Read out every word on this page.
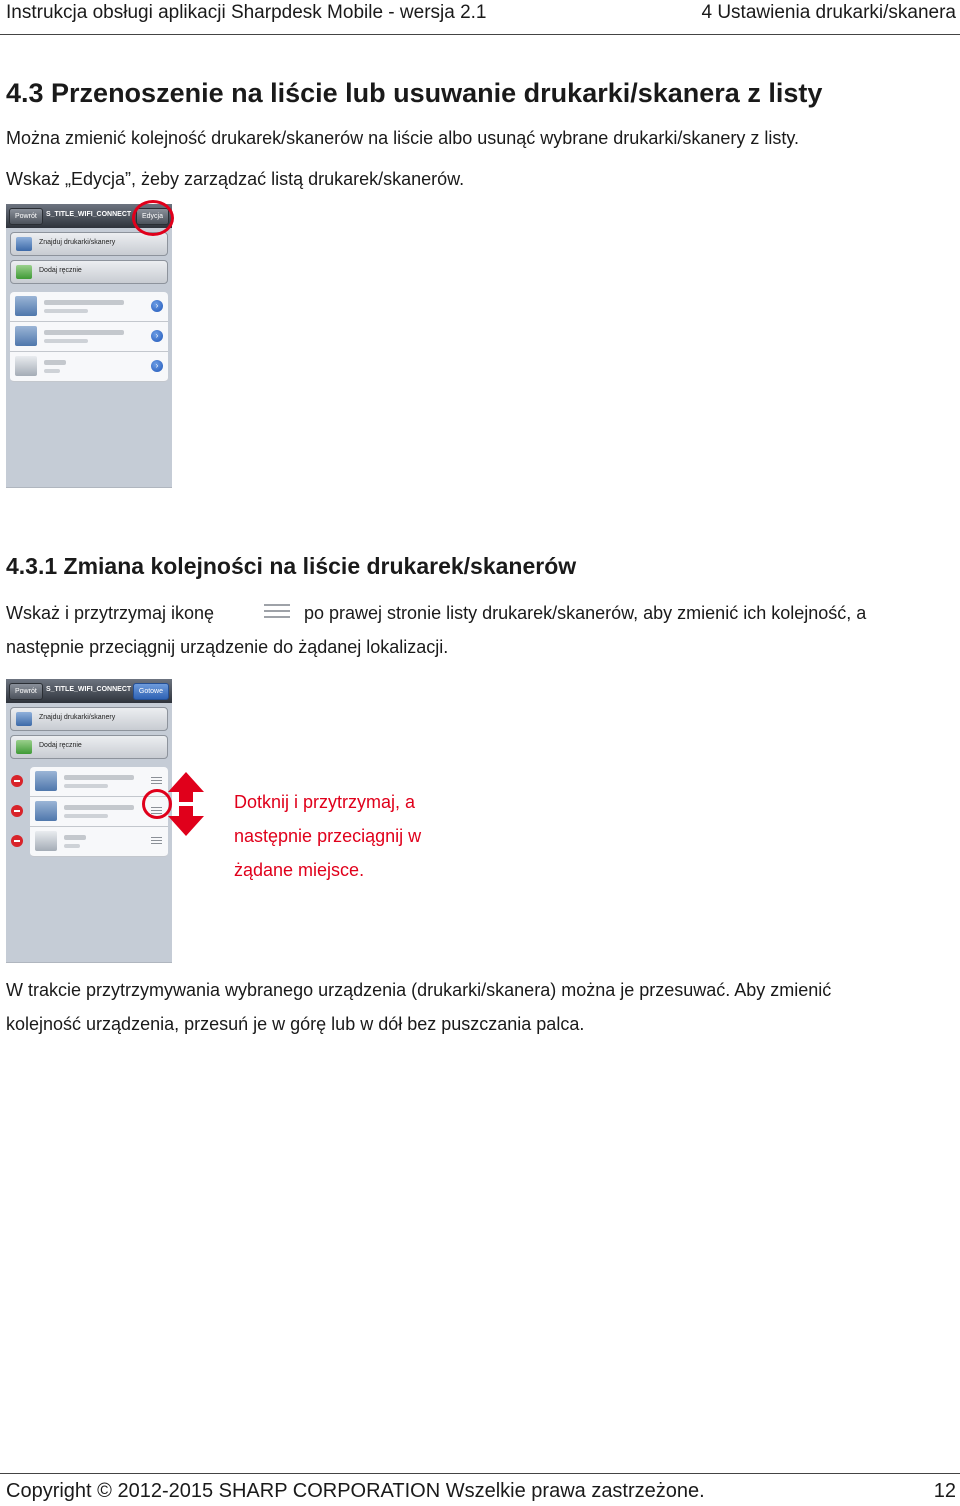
Instrukcja obsługi aplikacji Sharpdesk Mobile - wersja 2.1	4 Ustawienia drukarki/skanera
4.3 Przenoszenie na liście lub usuwanie drukarki/skanera z listy
Można zmienić kolejność drukarek/skanerów na liście albo usunąć wybrane drukarki/skanery z listy.
Wskaż „Edycja”, żeby zarządzać listą drukarek/skanerów.
Powrót	S_TITLE_WIFI_CONNECT	Edycja
Znajduj drukarki/skanery
Dodaj ręcznie
›
›
›
4.3.1 Zmiana kolejności na liście drukarek/skanerów
Wskaż i przytrzymaj ikonę	po prawej stronie listy drukarek/skanerów, aby zmienić ich kolejność, a
następnie przeciągnij urządzenie do żądanej lokalizacji.
Powrót	S_TITLE_WIFI_CONNECT	Gotowe
Znajduj drukarki/skanery
Dodaj ręcznie
Dotknij i przytrzymaj, a
następnie przeciągnij w
żądane miejsce.
W trakcie przytrzymywania wybranego urządzenia (drukarki/skanera) można je przesuwać. Aby zmienić
kolejność urządzenia, przesuń je w górę lub w dół bez puszczania palca.
Copyright © 2012-2015 SHARP CORPORATION Wszelkie prawa zastrzeżone.	12
